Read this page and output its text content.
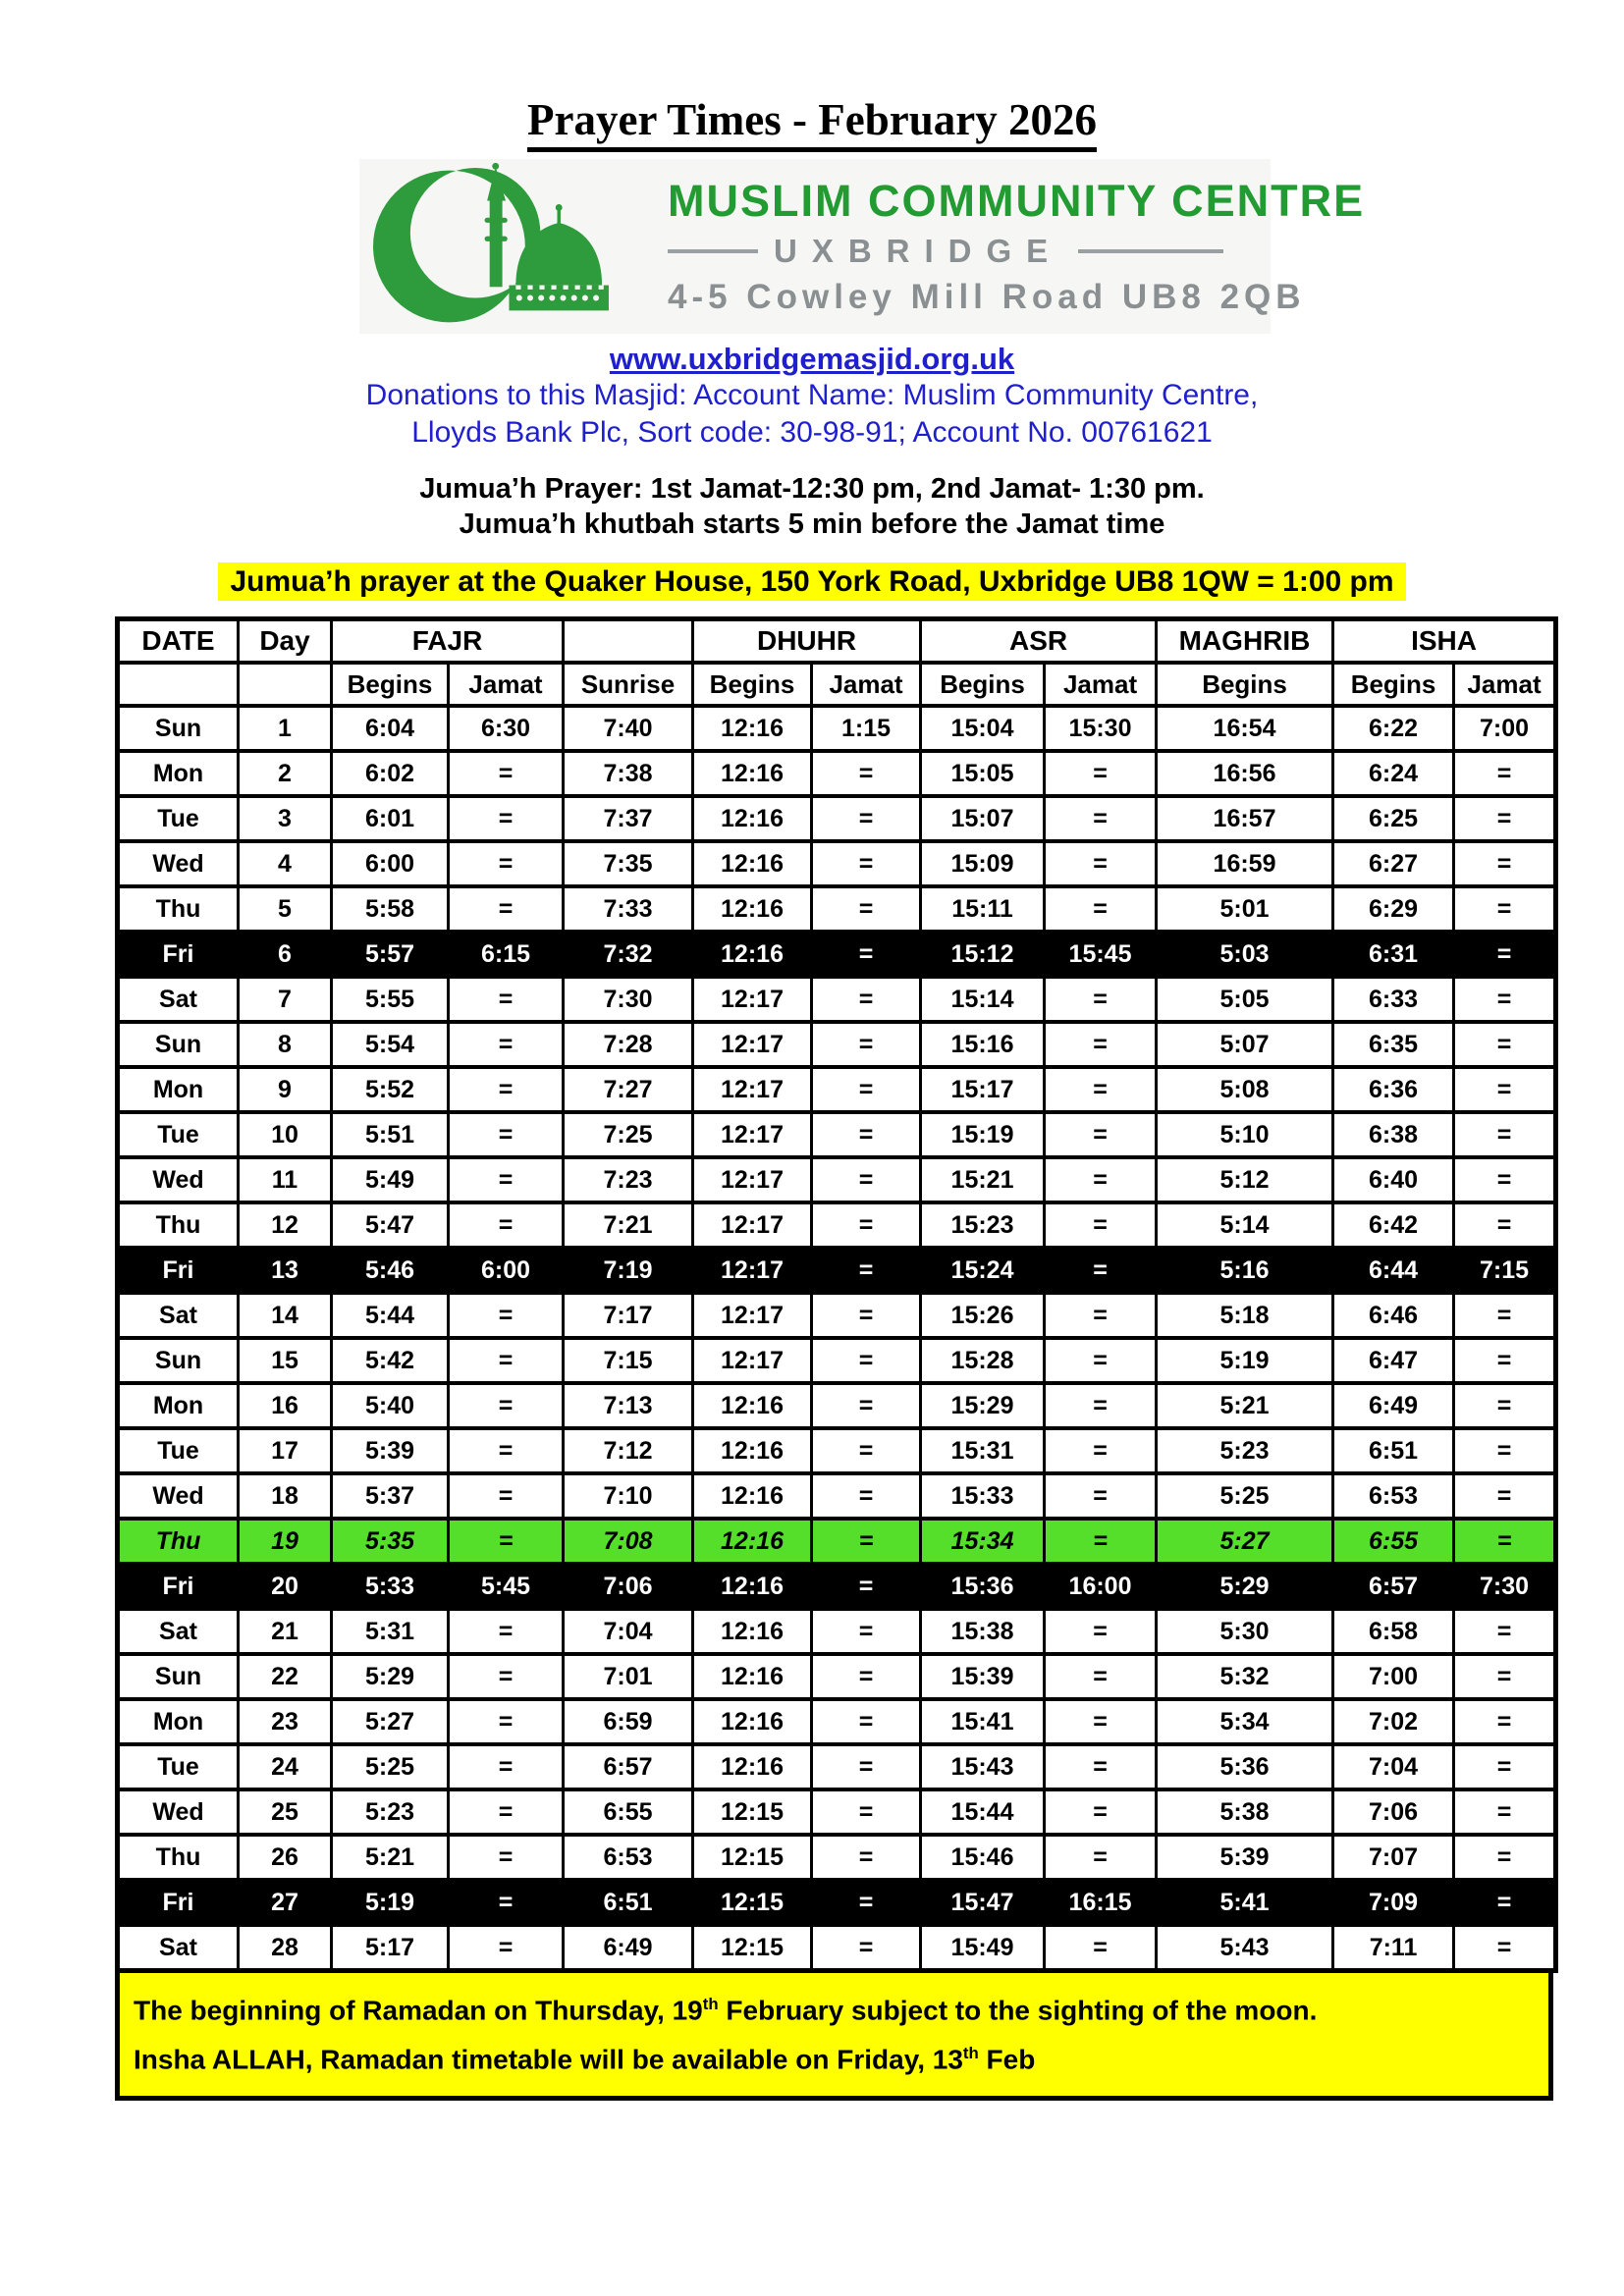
Prayer Times - February 2026
MUSLIM COMMUNITY CENTRE
UXBRIDGE
4-5 Cowley Mill Road UB8 2QB
www.uxbridgemasjid.org.uk
Donations to this Masjid: Account Name: Muslim Community Centre,
Lloyds Bank Plc, Sort code: 30-98-91; Account No. 00761621
Jumua’h Prayer: 1st Jamat-12:30 pm, 2nd Jamat- 1:30 pm.
Jumua’h khutbah starts 5 min before the Jamat time
Jumua’h prayer at the Quaker House, 150 York Road, Uxbridge UB8 1QW = 1:00 pm
DATE	Day	FAJR			DHUHR		ASR		MAGHRIB	ISHA	
		Begins	Jamat	Sunrise	Begins	Jamat	Begins	Jamat	Begins	Begins	Jamat
Sun	1	6:04	6:30	7:40	12:16	1:15	15:04	15:30	16:54	6:22	7:00
Mon	2	6:02	=	7:38	12:16	=	15:05	=	16:56	6:24	=
Tue	3	6:01	=	7:37	12:16	=	15:07	=	16:57	6:25	=
Wed	4	6:00	=	7:35	12:16	=	15:09	=	16:59	6:27	=
Thu	5	5:58	=	7:33	12:16	=	15:11	=	5:01	6:29	=
Fri	6	5:57	6:15	7:32	12:16	=	15:12	15:45	5:03	6:31	=
Sat	7	5:55	=	7:30	12:17	=	15:14	=	5:05	6:33	=
Sun	8	5:54	=	7:28	12:17	=	15:16	=	5:07	6:35	=
Mon	9	5:52	=	7:27	12:17	=	15:17	=	5:08	6:36	=
Tue	10	5:51	=	7:25	12:17	=	15:19	=	5:10	6:38	=
Wed	11	5:49	=	7:23	12:17	=	15:21	=	5:12	6:40	=
Thu	12	5:47	=	7:21	12:17	=	15:23	=	5:14	6:42	=
Fri	13	5:46	6:00	7:19	12:17	=	15:24	=	5:16	6:44	7:15
Sat	14	5:44	=	7:17	12:17	=	15:26	=	5:18	6:46	=
Sun	15	5:42	=	7:15	12:17	=	15:28	=	5:19	6:47	=
Mon	16	5:40	=	7:13	12:16	=	15:29	=	5:21	6:49	=
Tue	17	5:39	=	7:12	12:16	=	15:31	=	5:23	6:51	=
Wed	18	5:37	=	7:10	12:16	=	15:33	=	5:25	6:53	=
Thu	19	5:35	=	7:08	12:16	=	15:34	=	5:27	6:55	=
Fri	20	5:33	5:45	7:06	12:16	=	15:36	16:00	5:29	6:57	7:30
Sat	21	5:31	=	7:04	12:16	=	15:38	=	5:30	6:58	=
Sun	22	5:29	=	7:01	12:16	=	15:39	=	5:32	7:00	=
Mon	23	5:27	=	6:59	12:16	=	15:41	=	5:34	7:02	=
Tue	24	5:25	=	6:57	12:16	=	15:43	=	5:36	7:04	=
Wed	25	5:23	=	6:55	12:15	=	15:44	=	5:38	7:06	=
Thu	26	5:21	=	6:53	12:15	=	15:46	=	5:39	7:07	=
Fri	27	5:19	=	6:51	12:15	=	15:47	16:15	5:41	7:09	=
Sat	28	5:17	=	6:49	12:15	=	15:49	=	5:43	7:11	=
The beginning of Ramadan on Thursday, 19th February subject to the sighting of the moon.
Insha ALLAH, Ramadan timetable will be available on Friday, 13th Feb
